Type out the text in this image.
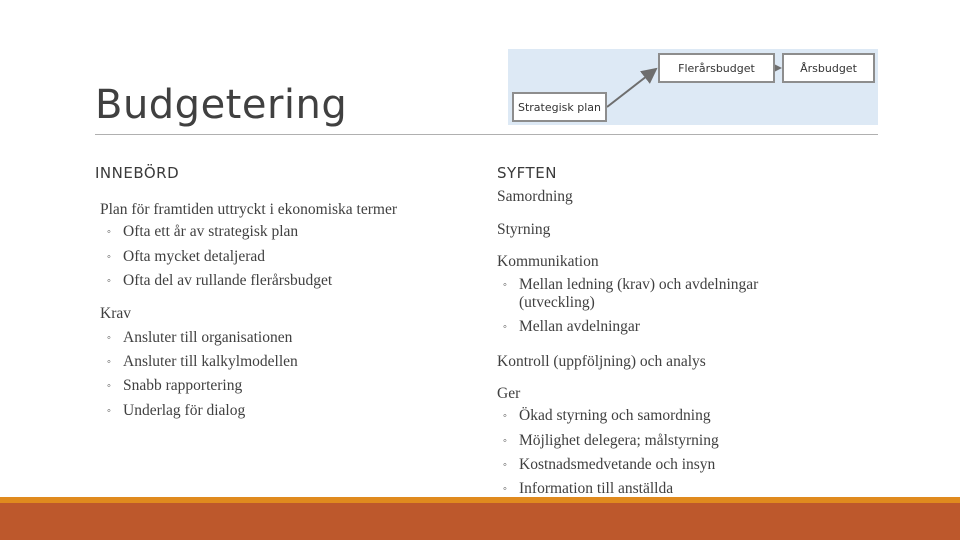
Budgetering
Flerårsbudget	Årsbudget
Strategisk plan
INNEBÖRD
Plan för framtiden uttryckt i ekonomiska termer
◦ Ofta ett år av strategisk plan
◦ Ofta mycket detaljerad
◦ Ofta del av rullande flerårsbudget
Krav
◦ Ansluter till organisationen
◦ Ansluter till kalkylmodellen
◦ Snabb rapportering
◦ Underlag för dialog
SYFTEN
Samordning
Styrning
Kommunikation
◦ Mellan ledning (krav) och avdelningar (utveckling)
◦ Mellan avdelningar
Kontroll (uppföljning) och analys
Ger
◦ Ökad styrning och samordning
◦ Möjlighet delegera; målstyrning
◦ Kostnadsmedvetande och insyn
◦ Information till anställda
